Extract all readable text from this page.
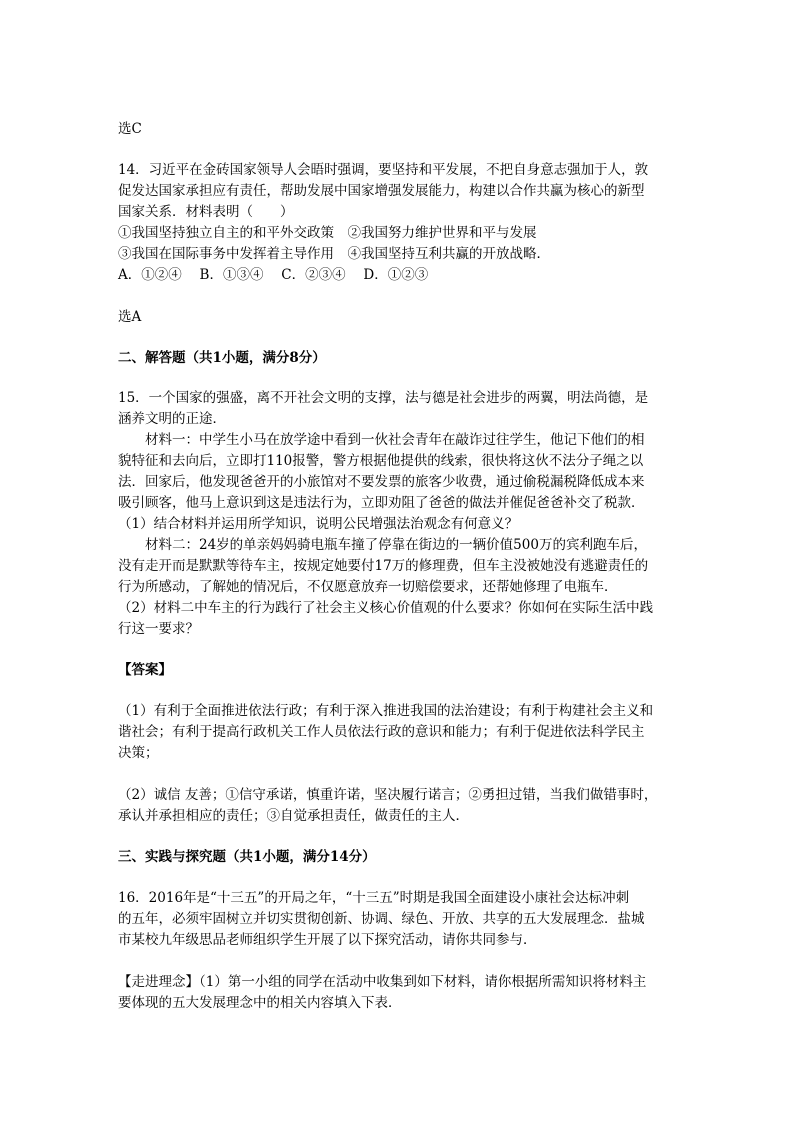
选C
14．习近平在金砖国家领导人会晤时强调，要坚持和平发展，不把自身意志强加于人，敦
促发达国家承担应有责任，帮助发展中国家增强发展能力，构建以合作共赢为核心的新型
国家关系．材料表明（　　）
①我国坚持独立自主的和平外交政策　②我国努力维护世界和平与发展
③我国在国际事务中发挥着主导作用　④我国坚持互利共赢的开放战略．
A．①②④　 B．①③④　 C．②③④　 D．①②③
选A
二、解答题（共1小题，满分8分）
15．一个国家的强盛，离不开社会文明的支撑，法与德是社会进步的两翼，明法尚德，是
涵养文明的正途．
材料一：中学生小马在放学途中看到一伙社会青年在敲诈过往学生，他记下他们的相
貌特征和去向后，立即打110报警，警方根据他提供的线索，很快将这伙不法分子绳之以
法．回家后，他发现爸爸开的小旅馆对不要发票的旅客少收费，通过偷税漏税降低成本来
吸引顾客，他马上意识到这是违法行为，立即劝阻了爸爸的做法并催促爸爸补交了税款．
（1）结合材料并运用所学知识，说明公民增强法治观念有何意义？
材料二：24岁的单亲妈妈骑电瓶车撞了停靠在街边的一辆价值500万的宾利跑车后，
没有走开而是默默等待车主，按规定她要付17万的修理费，但车主没被她没有逃避责任的
行为所感动，了解她的情况后，不仅愿意放弃一切赔偿要求，还帮她修理了电瓶车．
（2）材料二中车主的行为践行了社会主义核心价值观的什么要求？你如何在实际生活中践
行这一要求？
【答案】
（1）有利于全面推进依法行政；有利于深入推进我国的法治建设；有利于构建社会主义和
谐社会；有利于提高行政机关工作人员依法行政的意识和能力；有利于促进依法科学民主
决策；
（2）诚信 友善；①信守承诺，慎重许诺，坚决履行诺言；②勇担过错，当我们做错事时，
承认并承担相应的责任；③自觉承担责任，做责任的主人．
三、实践与探究题（共1小题，满分14分）
16．2016年是“十三五”的开局之年，“十三五”时期是我国全面建设小康社会达标冲刺
的五年，必须牢固树立并切实贯彻创新、协调、绿色、开放、共享的五大发展理念．盐城
市某校九年级思品老师组织学生开展了以下探究活动，请你共同参与．
【走进理念】（1）第一小组的同学在活动中收集到如下材料，请你根据所需知识将材料主
要体现的五大发展理念中的相关内容填入下表．
